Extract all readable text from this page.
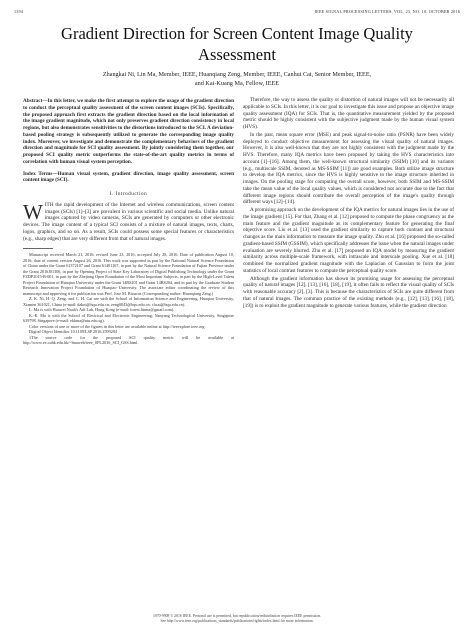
1394	IEEE SIGNAL PROCESSING LETTERS, VOL. 23, NO. 10, OCTOBER 2016
Gradient Direction for Screen Content Image Quality Assessment
Zhangkai Ni, Lin Ma, Member, IEEE, Huanqiang Zeng, Member, IEEE, Canhui Cai, Senior Member, IEEE,
and Kai-Kuang Ma, Fellow, IEEE
Abstract—In this letter, we make the first attempt to explore the usage of the gradient direction to conduct the perceptual quality assessment of the screen content images (SCIs). Specifically, the proposed approach first extracts the gradient direction based on the local information of the image gradient magnitude, which not only preserves gradient direction consistency in local regions, but also demonstrates sensitivities to the distortions introduced to the SCI. A deviation-based pooling strategy is subsequently utilized to generate the corresponding image quality index. Moreover, we investigate and demonstrate the complementary behaviors of the gradient direction and magnitude for SCI quality assessment. By jointly considering them together, our proposed SCI quality metric outperforms the state-of-the-art quality metrics in terms of correlation with human visual system perception.
Index Terms—Human visual system, gradient direction, image quality assessment, screen content image (SCI).
I. Introduction
WITH the rapid development of the Internet and wireless communications, screen content images (SCIs) [1]–[3] are prevalent in various scientific and social media. Unlike natural images captured by video cameras, SCIs are generated by computers or other electronic devices. The image content of a typical SCI consists of a mixture of natural images, texts, charts, logos, graphics, and so on. As a result, SCIs could possess some special features or characteristics (e.g., sharp edges) that are very different from that of natural images.

Manuscript received March 21, 2016; revised June 23, 2016; accepted July 28, 2016. Date of publication August 10, 2016; date of current version August 26, 2016. This work was supported in part by the National Natural Science Foundation of China under the Grant 61372107 and Grant 61401167, in part by the Natural Science Foundation of Fujian Province under the Grant 2016J01306, in part by Opening Project of State Key Laboratory of Digital Publishing Technology under the Grant FZDP2015-B-001, in part by the Zhejiang Open Foundation of the Most Important Subjects, in part by the High-Level Talent Project Foundation of Huaqiao University under the Grant 14BS201 and Grant 14BS204, and in part by the Graduate Student Research Innovation Project Foundation of Huaqiao University. The associate editor coordinating the review of this manuscript and approving it for publication was Prof. Jose M. Bioucas (Corresponding author: Huanqiang Zeng.)

Z. K. Ni, H. Q. Zeng, and C. H. Cai are with the School of Information Science and Engineering, Huaqiao University, Xiamen 361021, China (e-mail: dzkni@hqu.edu.cn; zeng0043@hqu.edu.cn; chcai@hqu.edu.cn).

L. Ma is with Huawei Noah's Ark Lab, Hong Kong (e-mail: forest.linma@gmail.com).

K.-K. Ma is with the School of Electrical and Electronic Engineering, Nanyang Technological University, Singapore 639798, Singapore (e-mail: ekkma@ntu.edu.sg).

Color versions of one or more of the figures in this letter are available online at http://ieeexplore.ieee.org.

Digital Object Identifier 10.1109/LSP.2016.2599294

1The source code for the proposed SCI quality metric will be available at http://www.ee.cuhk.edu.hk/~lmaweb/ieee_SPL2016_SCI_GSS.html.

Therefore, the way to assess the quality or distortion of natural images will not be necessarily all applicable to SCIs. In this letter, it is our goal to investigate this issue and propose an objective image quality assessment (IQA) for SCIs. That is, the quantitative measurement yielded by the proposed metric should be highly consistent with the subjective judgment made by the human visual system (HVS).

In the past, mean square error (MSE) and peak signal-to-noise ratio (PSNR) have been widely deployed to conduct objective measurement for assessing the visual quality of natural images. However, it is also well-known that they are not highly consistent with the judgment made by the HVS. Therefore, many IQA metrics have been proposed by taking the HVS characteristics into account [1]–[16]. Among them, the well-known structural similarity (SSIM) [10] and its variants (e.g., multiscale SSIM, denoted as MS-SSIM [11]) are good examples. Both utilize image structure to develop the IQA metrics, since the HVS is highly sensitive to the image structure inherited in images. On the pooling stage for computing the overall score, however, both SSIM and MS-SSIM take the mean value of the local quality values, which is considered not accurate due to the fact that different image regions should contribute the overall perception of the image's quality through different ways [12]–[14].

A promising approach on the development of the IQA metrics for natural images lies in the use of the image gradient [15]. For that, Zhang et al. [12] proposed to compute the phase congruency as the main feature and the gradient magnitude as its complementary feature for generating the final objective score. Liu et al. [13] used the gradient similarity to capture both contrast and structural changes as the main information to measure the image quality. Zhu et al. [16] proposed the so-called gradient-based SSIM (GSSIM), which specifically addresses the issue when the natural images under evaluation are severely blurred. Zhu et al. [17] proposed an IQA model by measuring the gradient similarity across multiple-scale framework, with intrascale and interscale pooling. Xue et al. [18] combined the normalized gradient magnitude with the Laplacian of Gaussian to form the joint statistics of local contrast features to compute the perceptual quality score.

Although the gradient information has shown its promising usage for assessing the perceptual quality of natural images [12], [13], [16], [18], [19], it often fails to reflect the visual quality of SCIs with reasonable accuracy [2], [3]. This is because the characteristics of SCIs are quite different from that of natural images. The common practice of the existing methods (e.g., [12], [13], [16], [18], [19]) is to exploit the gradient magnitude to generate various features, while the gradient direction

1070-9908 © 2016 IEEE. Personal use is permitted, but republication/redistribution requires IEEE permission.
See http://www.ieee.org/publications_standards/publications/rights/index.html for more information.
